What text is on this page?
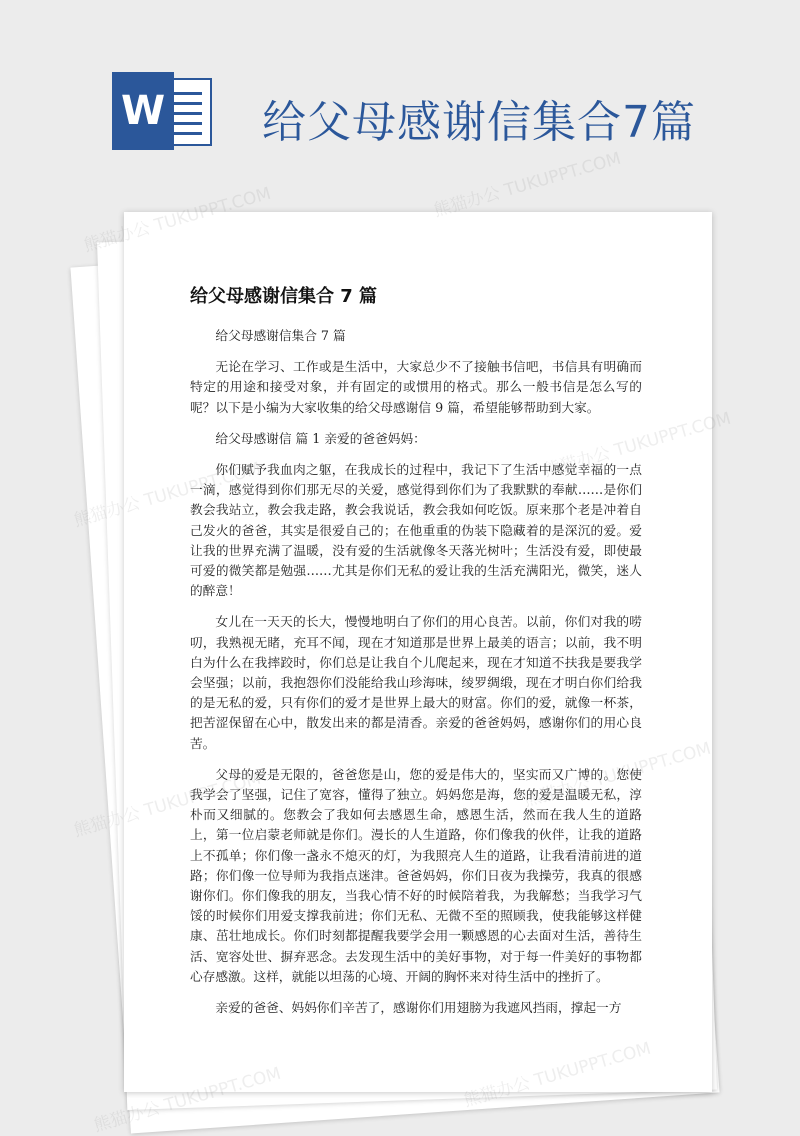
W 给父母感谢信集合7篇
给父母感谢信集合 7 篇

给父母感谢信集合 7 篇

无论在学习、工作或是生活中，大家总少不了接触书信吧，书信具有明确而特定的用途和接受对象，并有固定的或惯用的格式。那么一般书信是怎么写的呢？以下是小编为大家收集的给父母感谢信 9 篇，希望能够帮助到大家。

给父母感谢信 篇 1 亲爱的爸爸妈妈：

你们赋予我血肉之躯，在我成长的过程中，我记下了生活中感觉幸福的一点一滴，感觉得到你们那无尽的关爱，感觉得到你们为了我默默的奉献……是你们教会我站立，教会我走路，教会我说话，教会我如何吃饭。原来那个老是冲着自己发火的爸爸，其实是很爱自己的；在他重重的伪装下隐藏着的是深沉的爱。爱让我的世界充满了温暖，没有爱的生活就像冬天落光树叶；生活没有爱，即使最可爱的微笑都是勉强……尤其是你们无私的爱让我的生活充满阳光，微笑，迷人的醉意！

女儿在一天天的长大，慢慢地明白了你们的用心良苦。以前，你们对我的唠叨，我熟视无睹，充耳不闻，现在才知道那是世界上最美的语言；以前，我不明白为什么在我摔跤时，你们总是让我自个儿爬起来，现在才知道不扶我是要我学会坚强；以前，我抱怨你们没能给我山珍海味，绫罗绸缎，现在才明白你们给我的是无私的爱，只有你们的爱才是世界上最大的财富。你们的爱，就像一杯茶，把苦涩保留在心中，散发出来的都是清香。亲爱的爸爸妈妈，感谢你们的用心良苦。

父母的爱是无限的，爸爸您是山，您的爱是伟大的，坚实而又广博的。您使我学会了坚强，记住了宽容，懂得了独立。妈妈您是海，您的爱是温暖无私，淳朴而又细腻的。您教会了我如何去感恩生命，感恩生活，然而在我人生的道路上，第一位启蒙老师就是你们。漫长的人生道路，你们像我的伙伴，让我的道路上不孤单；你们像一盏永不熄灭的灯，为我照亮人生的道路，让我看清前进的道路；你们像一位导师为我指点迷津。爸爸妈妈，你们日夜为我操劳，我真的很感谢你们。你们像我的朋友，当我心情不好的时候陪着我，为我解愁；当我学习气馁的时候你们用爱支撑我前进；你们无私、无微不至的照顾我，使我能够这样健康、茁壮地成长。你们时刻都提醒我要学会用一颗感恩的心去面对生活，善待生活、宽容处世、摒弃恶念。去发现生活中的美好事物，对于每一件美好的事物都心存感激。这样，就能以坦荡的心境、开阔的胸怀来对待生活中的挫折了。

亲爱的爸爸、妈妈你们辛苦了，感谢你们用翅膀为我遮风挡雨，撑起一方

熊猫办公 TUKUPPT.COM	熊猫办公 TUKUPPT.COM
熊猫办公
熊猫办公
